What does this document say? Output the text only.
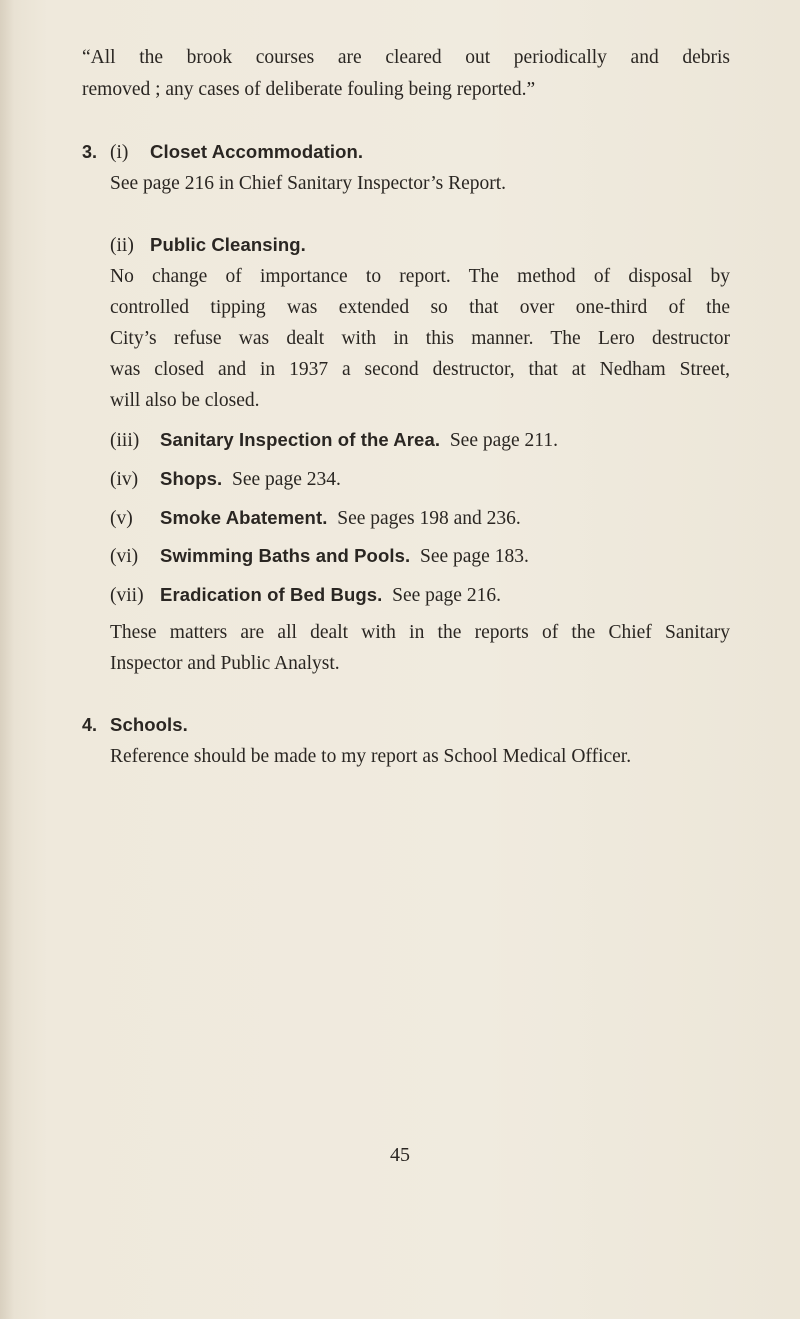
“All the brook courses are cleared out periodically and debris
removed ; any cases of deliberate fouling being reported.”
3. (i) Closet Accommodation.
See page 216 in Chief Sanitary Inspector’s Report.
(ii) Public Cleansing.
No change of importance to report. The method of disposal by
controlled tipping was extended so that over one-third of the
City’s refuse was dealt with in this manner. The Lero destructor
was closed and in 1937 a second destructor, that at Nedham Street,
will also be closed.
(iii) Sanitary Inspection of the Area. See page 211.
(iv) Shops. See page 234.
(v) Smoke Abatement. See pages 198 and 236.
(vi) Swimming Baths and Pools. See page 183.
(vii) Eradication of Bed Bugs. See page 216.
These matters are all dealt with in the reports of the Chief Sanitary
Inspector and Public Analyst.
4. Schools.
Reference should be made to my report as School Medical Officer.
45
